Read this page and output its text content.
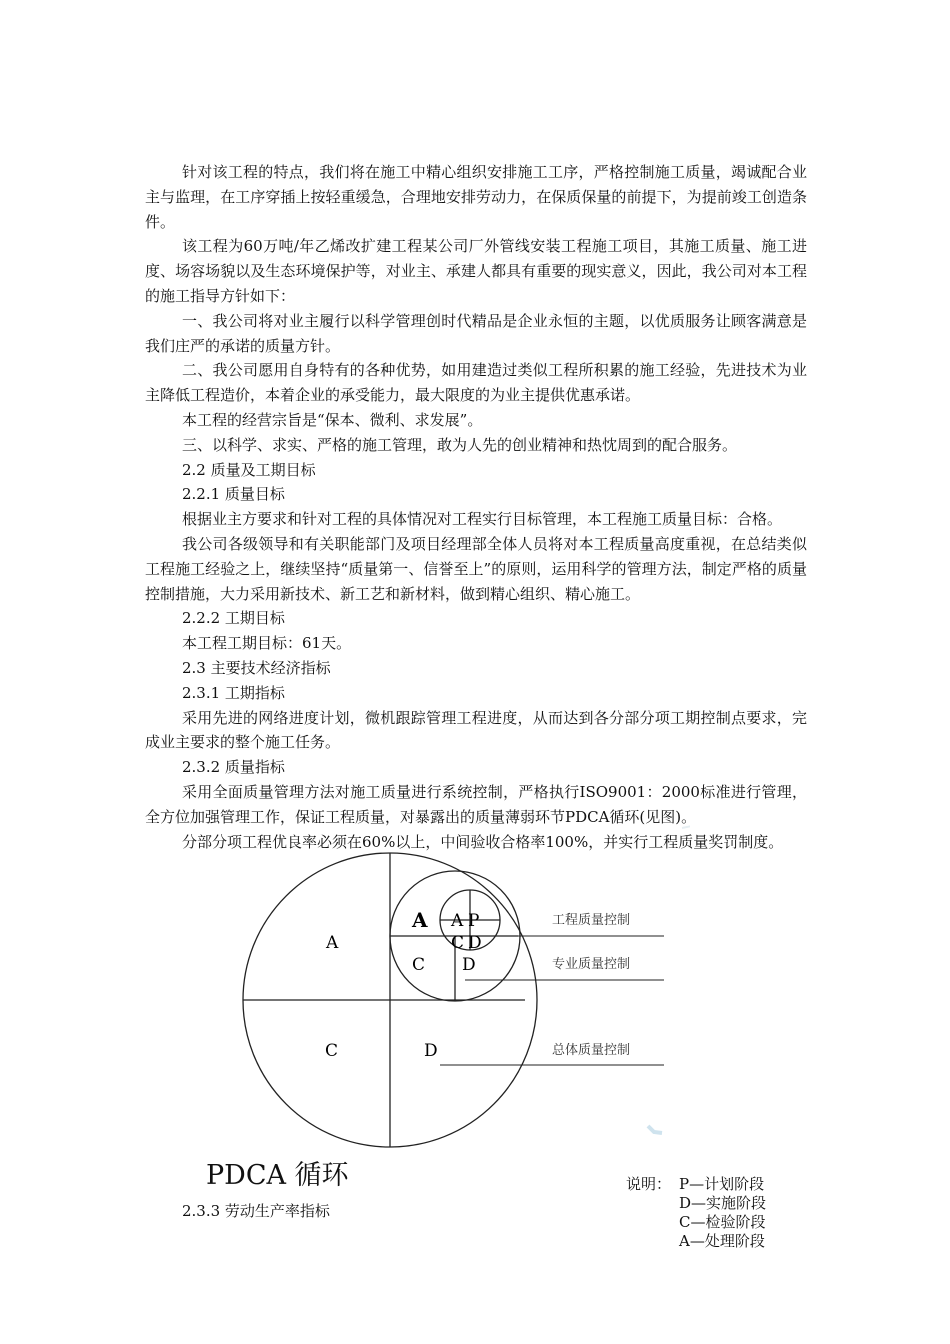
针对该工程的特点，我们将在施工中精心组织安排施工工序，严格控制施工质量，竭诚配合业主与监理，在工序穿插上按轻重缓急，合理地安排劳动力，在保质保量的前提下，为提前竣工创造条件。

该工程为60万吨/年乙烯改扩建工程某公司厂外管线安装工程施工项目，其施工质量、施工进度、场容场貌以及生态环境保护等，对业主、承建人都具有重要的现实意义，因此，我公司对本工程的施工指导方针如下：

一、我公司将对业主履行以科学管理创时代精品是企业永恒的主题，以优质服务让顾客满意是我们庄严的承诺的质量方针。

二、我公司愿用自身特有的各种优势，如用建造过类似工程所积累的施工经验，先进技术为业主降低工程造价，本着企业的承受能力，最大限度的为业主提供优惠承诺。

本工程的经营宗旨是“保本、微利、求发展”。

三、以科学、求实、严格的施工管理，敢为人先的创业精神和热忱周到的配合服务。

2.2 质量及工期目标

2.2.1 质量目标

根据业主方要求和针对工程的具体情况对工程实行目标管理，本工程施工质量目标：合格。

我公司各级领导和有关职能部门及项目经理部全体人员将对本工程质量高度重视，在总结类似工程施工经验之上，继续坚持“质量第一、信誉至上”的原则，运用科学的管理方法，制定严格的质量控制措施，大力采用新技术、新工艺和新材料，做到精心组织、精心施工。

2.2.2 工期目标

本工程工期目标：61天。

2.3 主要技术经济指标

2.3.1 工期指标

采用先进的网络进度计划，微机跟踪管理工程进度，从而达到各分部分项工期控制点要求，完成业主要求的整个施工任务。

2.3.2 质量指标

采用全面质量管理方法对施工质量进行系统控制，严格执行ISO9001：2000标准进行管理，全方位加强管理工作，保证工程质量，对暴露出的质量薄弱环节PDCA循环(见图)。

分部分项工程优良率必须在60%以上，中间验收合格率100%，并实行工程质量奖罚制度。

A
C	D
A
C D
A P
C D
工程质量控制
专业质量控制
总体质量控制
PDCA 循环
2.3.3 劳动生产率指标
说明： P—计划阶段
D—实施阶段
C—检验阶段
A—处理阶段
